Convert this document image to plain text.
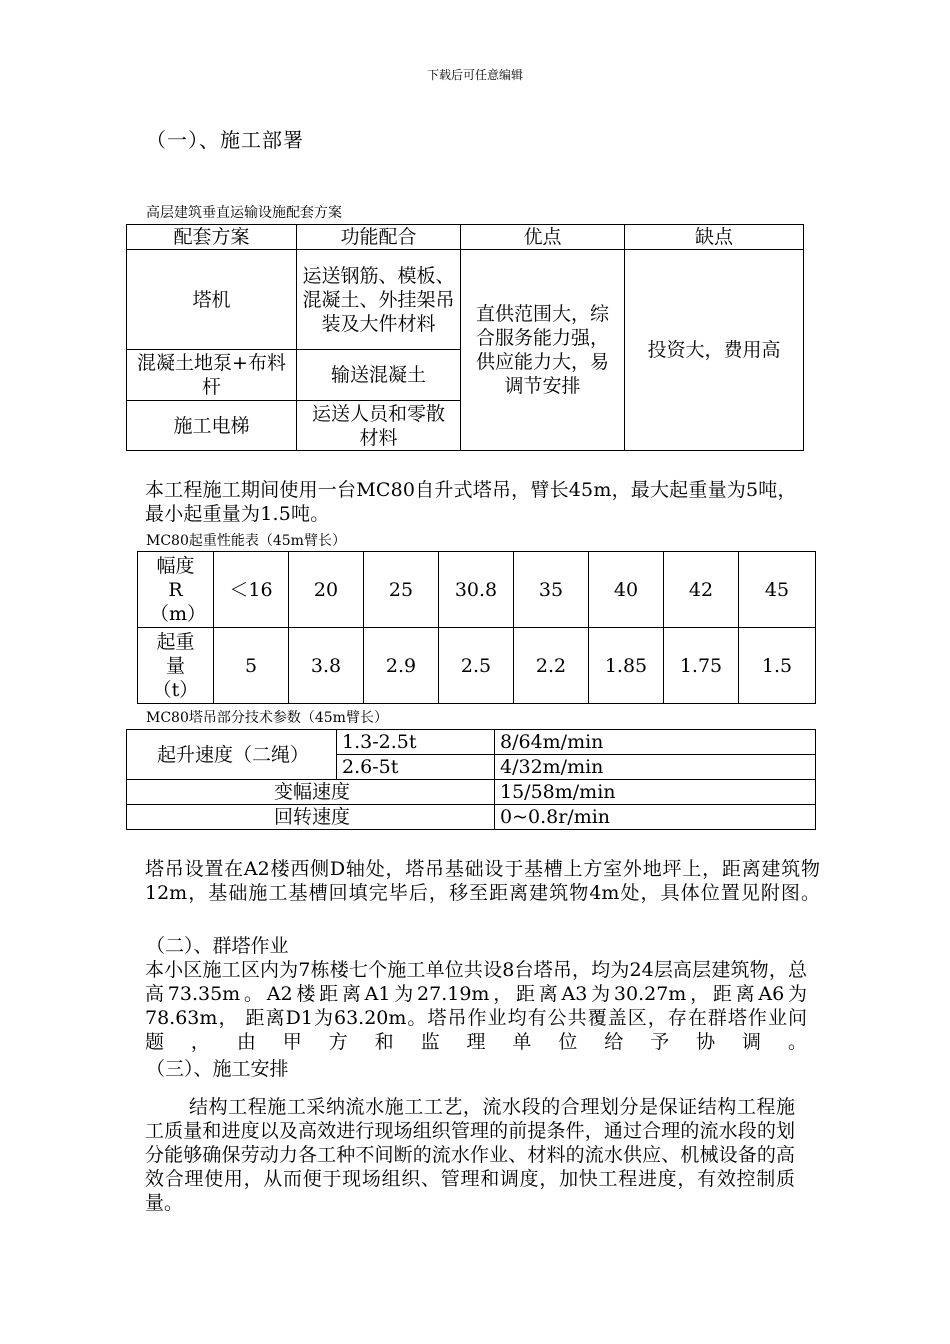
下载后可任意编辑
（一）、施工部署
高层建筑垂直运输设施配套方案
配套方案	功能配合	优点	缺点
塔机	运送钢筋、模板、混凝土、外挂架吊装及大件材料	直供范围大，综合服务能力强，供应能力大，易调节安排	投资大，费用高
混凝土地泵+布料杆	输送混凝土		
施工电梯	运送人员和零散材料		
本工程施工期间使用一台MC80自升式塔吊，臂长45m，最大起重量为5吨，最小起重量为1.5吨。
MC80起重性能表（45m臂长）
幅度R（m）	＜16	20	25	30.8	35	40	42	45
起重量（t）	5	3.8	2.9	2.5	2.2	1.85	1.75	1.5
MC80塔吊部分技术参数（45m臂长）
起升速度（二绳）	1.3-2.5t	8/64m/min
	2.6-5t	4/32m/min
变幅速度		15/58m/min
回转速度		0~0.8r/min
塔吊设置在A2楼西侧D轴处，塔吊基础设于基槽上方室外地坪上，距离建筑物12m，基础施工基槽回填完毕后，移至距离建筑物4m处，具体位置见附图。
（二）、群塔作业
本小区施工区内为7栋楼七个施工单位共设8台塔吊，均为24层高层建筑物，总高73.35m。A2楼距离A1为27.19m，距离A3为30.27m，距离A6为78.63m， 距离D1为63.20m。塔吊作业均有公共覆盖区，存在群塔作业问题，由甲方和监理单位给予协调。
（三）、施工安排
结构工程施工采纳流水施工工艺，流水段的合理划分是保证结构工程施工质量和进度以及高效进行现场组织管理的前提条件，通过合理的流水段的划分能够确保劳动力各工种不间断的流水作业、材料的流水供应、机械设备的高效合理使用，从而便于现场组织、管理和调度，加快工程进度，有效控制质量。
